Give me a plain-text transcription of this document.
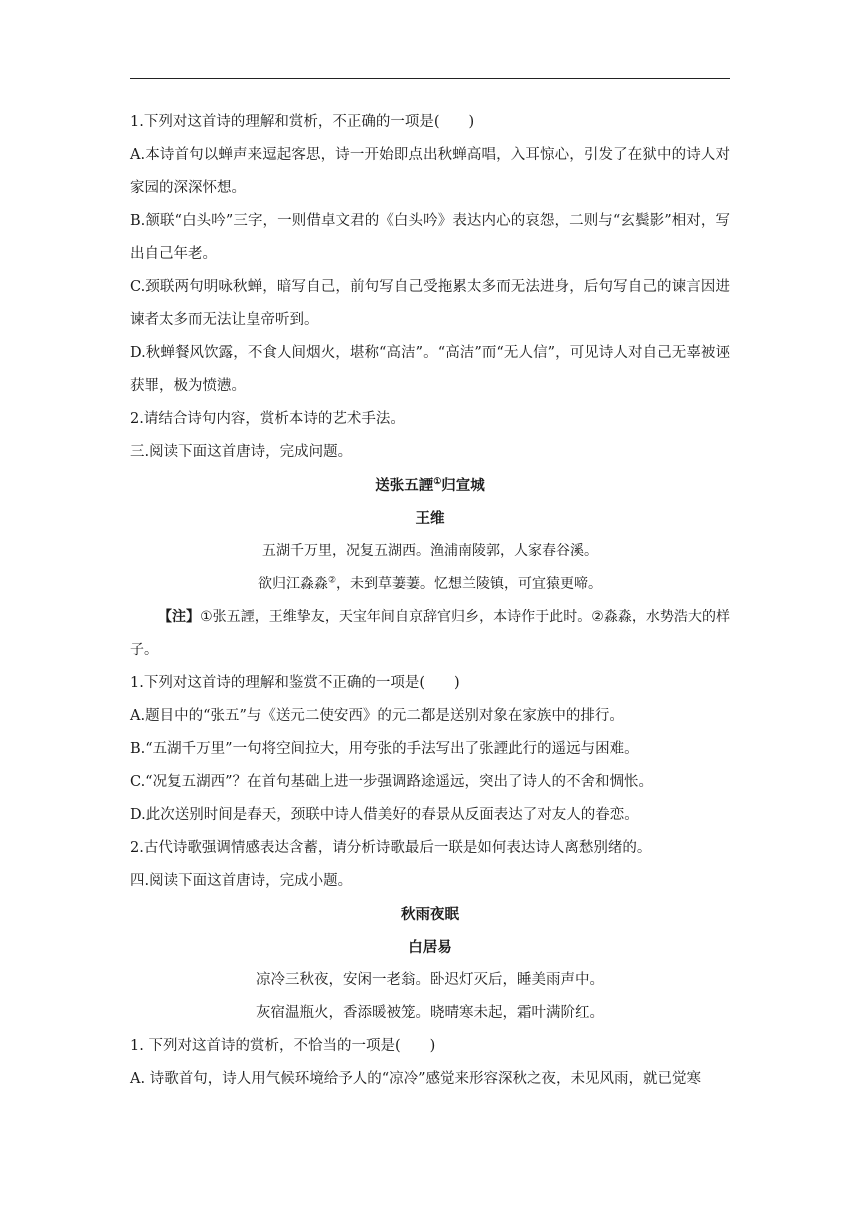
1.下列对这首诗的理解和赏析，不正确的一项是(　　)

A.本诗首句以蝉声来逗起客思，诗一开始即点出秋蝉高唱，入耳惊心，引发了在狱中的诗人对家园的深深怀想。

B.颔联“白头吟”三字，一则借卓文君的《白头吟》表达内心的哀怨，二则与“玄鬓影”相对，写出自己年老。

C.颈联两句明咏秋蝉，暗写自己，前句写自己受拖累太多而无法进身，后句写自己的谏言因进谏者太多而无法让皇帝听到。

D.秋蝉餐风饮露，不食人间烟火，堪称“高洁”。“高洁”而“无人信”，可见诗人对自己无辜被诬获罪，极为愤懑。

2.请结合诗句内容，赏析本诗的艺术手法。

三.阅读下面这首唐诗，完成问题。

送张五諲①归宣城

王维

五湖千万里，况复五湖西。渔浦南陵郭，人家春谷溪。

欲归江淼淼②，未到草萋萋。忆想兰陵镇，可宜猿更啼。

【注】①张五諲，王维挚友，天宝年间自京辞官归乡，本诗作于此时。②淼淼，水势浩大的样子。

1.下列对这首诗的理解和鉴赏不正确的一项是(　　)

A.题目中的“张五”与《送元二使安西》的元二都是送别对象在家族中的排行。

B.“五湖千万里”一句将空间拉大，用夸张的手法写出了张諲此行的遥远与困难。

C.“况复五湖西”？在首句基础上进一步强调路途遥远，突出了诗人的不舍和惆怅。

D.此次送别时间是春天，颈联中诗人借美好的春景从反面表达了对友人的眷恋。

2.古代诗歌强调情感表达含蓄，请分析诗歌最后一联是如何表达诗人离愁别绪的。

四.阅读下面这首唐诗，完成小题。

秋雨夜眠

白居易

凉冷三秋夜，安闲一老翁。卧迟灯灭后，睡美雨声中。

灰宿温瓶火，香添暖被笼。晓晴寒未起，霜叶满阶红。

1. 下列对这首诗的赏析，不恰当的一项是(　　)

A. 诗歌首句，诗人用气候环境给予人的“凉冷”感觉来形容深秋之夜，未见风雨，就已觉寒
